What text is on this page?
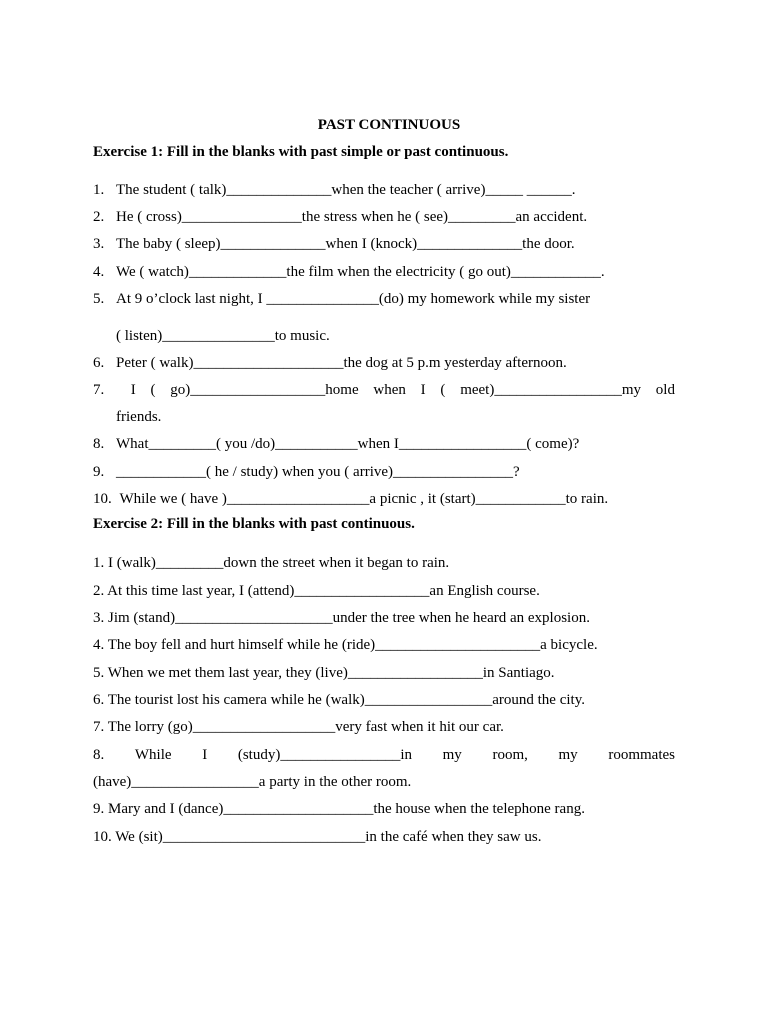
PAST CONTINUOUS
Exercise 1: Fill in the blanks with past simple or past continuous.
1. The student ( talk)______________when the teacher ( arrive)_____ ______.
2. He ( cross)________________the stress when he ( see)_________an accident.
3. The baby ( sleep)______________when I (knock)______________the door.
4. We ( watch)_____________the film when the electricity ( go out)____________.
5. At 9 o’clock last night, I _______________(do) my homework while my sister
( listen)_______________to music.
6. Peter ( walk)____________________the dog at 5 p.m yesterday afternoon.
7.	I ( go)__________________home when I ( meet)_________________my old
friends.
8. What_________( you /do)___________when I_________________( come)?
9. ____________( he / study) when you ( arrive)________________?
10. While we ( have )___________________a picnic , it (start)____________to rain.
Exercise 2: Fill in the blanks with past continuous.
1. I (walk)_________down the street when it began to rain.
2. At this time last year, I (attend)__________________an English course.
3. Jim (stand)_____________________under the tree when he heard an explosion.
4. The boy fell and hurt himself while he (ride)______________________a bicycle.
5. When we met them last year, they (live)__________________in Santiago.
6. The tourist lost his camera while he (walk)_________________around the city.
7. The lorry (go)___________________very fast when it hit our car.
8. While I (study)________________in my room, my roommates
(have)_________________a party in the other room.
9. Mary and I (dance)____________________the house when the telephone rang.
10. We (sit)___________________________in the café when they saw us.
